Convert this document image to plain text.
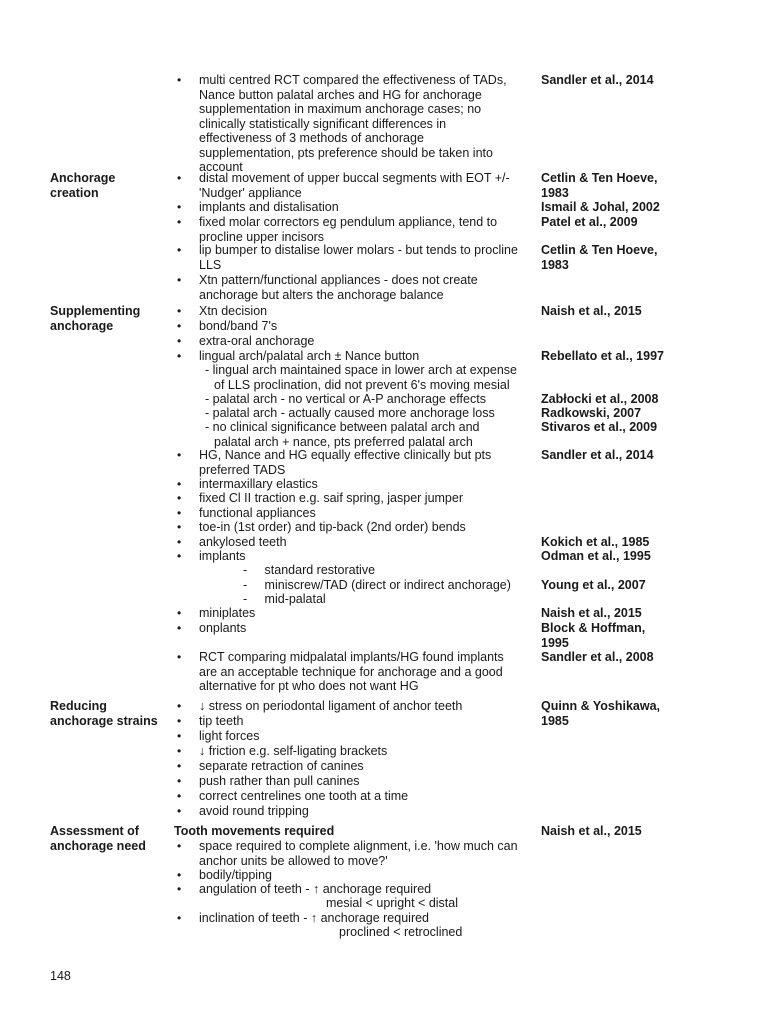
•
multi centred RCT compared the effectiveness of TADs,
Nance button palatal arches and HG for anchorage
supplementation in maximum anchorage cases; no
clinically statistically significant differences in
effectiveness of 3 methods of anchorage
supplementation, pts preference should be taken into
account
Sandler et al., 2014
Anchorage
creation
•
distal movement of upper buccal segments with EOT +/-
'Nudger' appliance
•
implants and distalisation
•
fixed molar correctors eg pendulum appliance, tend to
procline upper incisors
•
lip bumper to distalise lower molars - but tends to procline
LLS
•
Xtn pattern/functional appliances - does not create
anchorage but alters the anchorage balance
Cetlin & Ten Hoeve,
1983
Ismail & Johal, 2002
Patel et al., 2009
Cetlin & Ten Hoeve,
1983
Supplementing
anchorage
•
Xtn decision
•
bond/band 7's
•
extra-oral anchorage
•
lingual arch/palatal arch ± Nance button
- lingual arch maintained space in lower arch at expense
of LLS proclination, did not prevent 6's moving mesial
- palatal arch - no vertical or A-P anchorage effects
- palatal arch - actually caused more anchorage loss
- no clinical significance between palatal arch and
palatal arch + nance, pts preferred palatal arch
•
HG, Nance and HG equally effective clinically but pts
preferred TADS
•
intermaxillary elastics
•
fixed Cl II traction e.g. saif spring, jasper jumper
•
functional appliances
•
toe-in (1st order) and tip-back (2nd order) bends
•
ankylosed teeth
•
implants
- standard restorative
- miniscrew/TAD (direct or indirect anchorage)
- mid-palatal
•
miniplates
•
onplants
•
RCT comparing midpalatal implants/HG found implants
are an acceptable technique for anchorage and a good
alternative for pt who does not want HG
Naish et al., 2015
Rebellato et al., 1997
Zabłocki et al., 2008
Radkowski, 2007
Stivaros et al., 2009
Sandler et al., 2014
Kokich et al., 1985
Odman et al., 1995
Young et al., 2007
Naish et al., 2015
Block & Hoffman,
1995
Sandler et al., 2008
Reducing
anchorage strains
•
↓ stress on periodontal ligament of anchor teeth
•
tip teeth
•
light forces
•
↓ friction e.g. self-ligating brackets
•
separate retraction of canines
•
push rather than pull canines
•
correct centrelines one tooth at a time
•
avoid round tripping
Quinn & Yoshikawa,
1985
Assessment of
anchorage need
Tooth movements required
•
space required to complete alignment, i.e. 'how much can
anchor units be allowed to move?'
•
bodily/tipping
•
angulation of teeth - ↑ anchorage required
mesial < upright < distal
•
inclination of teeth - ↑ anchorage required
proclined < retroclined
Naish et al., 2015
148
